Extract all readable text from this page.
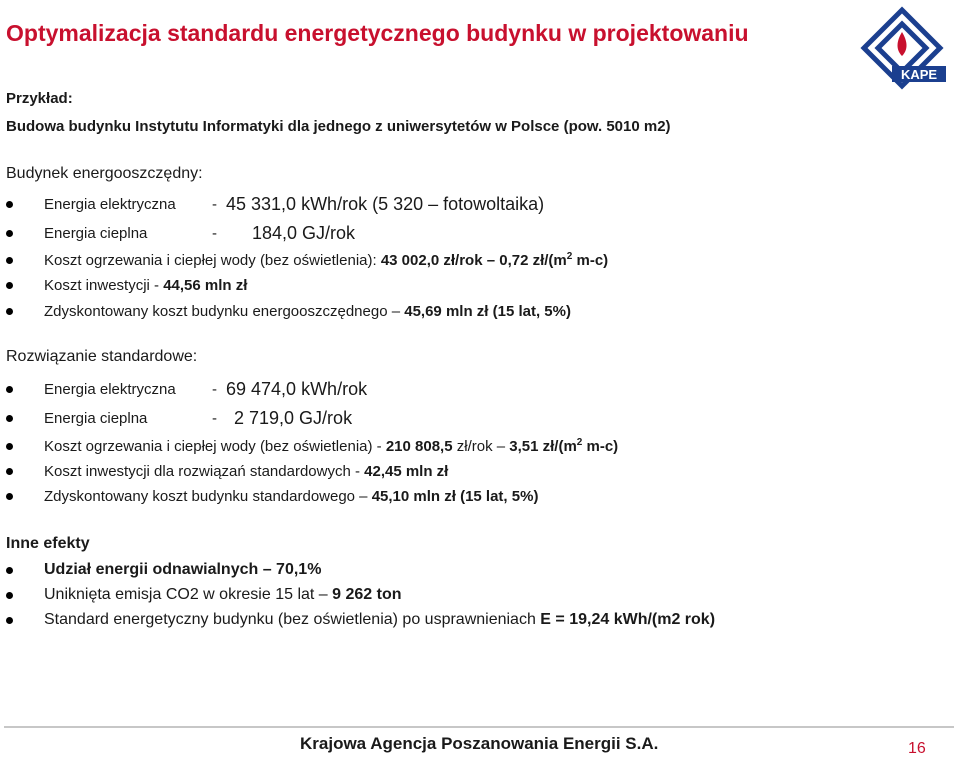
Optymalizacja standardu energetycznego budynku w projektowaniu
KAPE
Przykład:
Budowa budynku Instytutu Informatyki dla jednego z uniwersytetów w Polsce (pow. 5010 m2)
Budynek energooszczędny:
Energia elektryczna	- 45 331,0 kWh/rok (5 320 – fotowoltaika)
Energia cieplna	- 184,0 GJ/rok
Koszt ogrzewania i ciepłej wody (bez oświetlenia): 43 002,0 zł/rok – 0,72 $zł/(m^2$ m-c)
Koszt inwestycji - 44,56 mln zł
Zdyskontowany koszt budynku energooszczędnego – 45,69 mln zł (15 lat, 5%)
Rozwiązanie standardowe:
Energia elektryczna - 69 474,0 kWh/rok
Energia cieplna	- 2 719,0 GJ/rok
Koszt ogrzewania i ciepłej wody (bez oświetlenia) - 210 808,5 zł/rok – 3,51 $zł/(m^2$ m-c)
Koszt inwestycji dla rozwiązań standardowych - 42,45 mln zł
Zdyskontowany koszt budynku standardowego – 45,10 mln zł (15 lat, 5%)
Inne efekty
Udział energii odnawialnych – 70,1%
Uniknięta emisja CO2 w okresie 15 lat – 9 262 ton
Standard energetyczny budynku (bez oświetlenia) po usprawnieniach E = 19,24 kWh/(m2 rok)
Krajowa Agencja Poszanowania Energii S.A.	16
